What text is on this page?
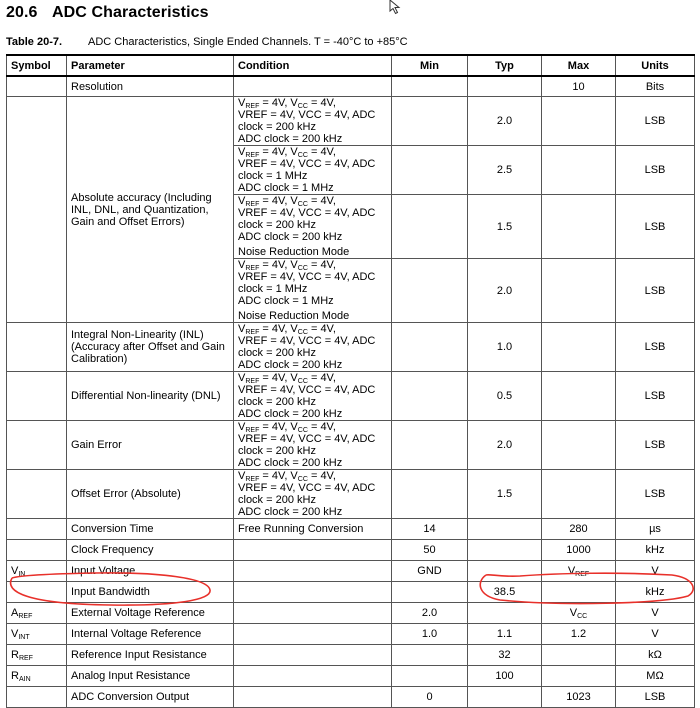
20.6 ADC Characteristics
Table 20-7. ADC Characteristics, Single Ended Channels. T = -40°C to +85°C
Symbol	Parameter	Condition	Min	Typ	Max	Units
	Resolution				10	Bits
	Absolute accuracy (Including INL, DNL, and Quantization, Gain and Offset Errors)	$V_{REF} = 4V$, $V_{CC} = 4V$,
VREF = 4V, VCC = 4V, ADC clock = 200 kHz
ADC clock = 200 kHz		2.0		LSB

		$V_{REF} = 4V$, $V_{CC} = 4V$,
VREF = 4V, VCC = 4V, ADC clock = 1 MHz
ADC clock = 1 MHz		2.5		LSB

		$V_{REF} = 4V$, $V_{CC} = 4V$,
VREF = 4V, VCC = 4V, ADC clock = 200 kHz
ADC clock = 200 kHz
Noise Reduction Mode		1.5		LSB

		$V_{REF} = 4V$, $V_{CC} = 4V$,
VREF = 4V, VCC = 4V, ADC clock = 1 MHz
ADC clock = 1 MHz
Noise Reduction Mode		2.0		LSB
	Integral Non-Linearity (INL) (Accuracy after Offset and Gain Calibration)	$V_{REF} = 4V$, $V_{CC} = 4V$,
VREF = 4V, VCC = 4V, ADC clock = 200 kHz
ADC clock = 200 kHz		1.0		LSB
	Differential Non-linearity (DNL)	$V_{REF} = 4V$, $V_{CC} = 4V$,
VREF = 4V, VCC = 4V, ADC clock = 200 kHz
ADC clock = 200 kHz		0.5		LSB
	Gain Error	$V_{REF} = 4V$, $V_{CC} = 4V$,
VREF = 4V, VCC = 4V, ADC clock = 200 kHz
ADC clock = 200 kHz		2.0		LSB
	Offset Error (Absolute)	$V_{REF} = 4V$, $V_{CC} = 4V$,
VREF = 4V, VCC = 4V, ADC clock = 200 kHz
ADC clock = 200 kHz		1.5		LSB
	Conversion Time	Free Running Conversion	14		280	µs
	Clock Frequency		50		1000	kHz
$V_{IN}$	Input Voltage		GND		$V_{REF}$	V
	Input Bandwidth			38.5		kHz
$A_{REF}$	External Voltage Reference		2.0		$V_{CC}$	V
$V_{INT}$	Internal Voltage Reference		1.0	1.1	1.2	V
$R_{REF}$	Reference Input Resistance			32		kΩ
$R_{AIN}$	Analog Input Resistance			100		MΩ
	ADC Conversion Output		0		1023	LSB
